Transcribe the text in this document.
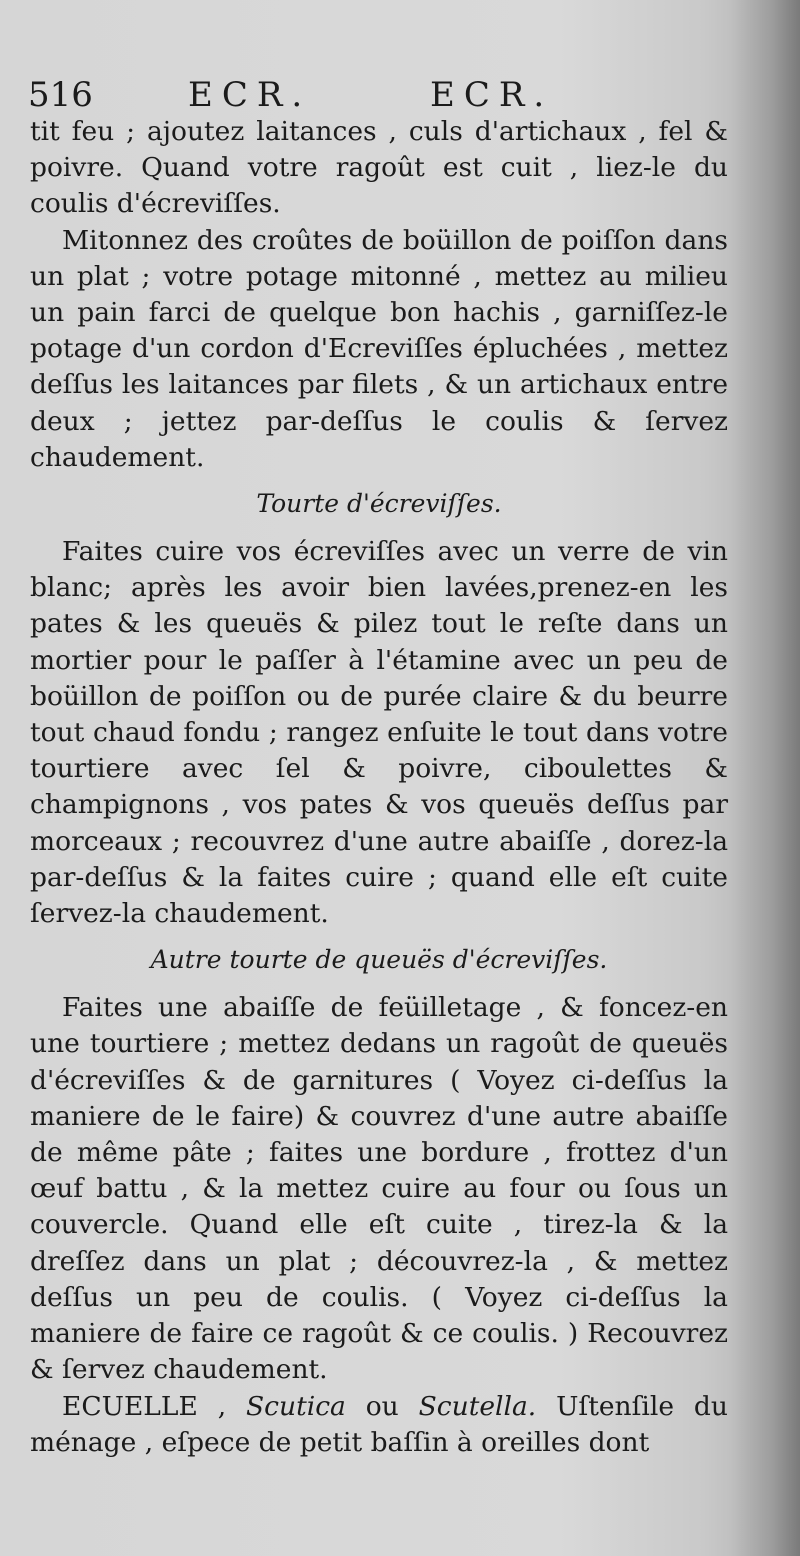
516	ECR.	ECR.

tit feu ; ajoutez laitances , culs d'artichaux , fel & poivre. Quand votre ragoût est cuit , liez-le du coulis d'écreviſſes.

Mitonnez des croûtes de boüillon de poiſſon dans un plat ; votre potage mitonné , mettez au milieu un pain farci de quelque bon hachis , garniſſez-le potage d'un cordon d'Ecreviſſes épluchées , mettez deſſus les laitances par filets , & un artichaux entre deux ; jettez par-deſſus le coulis & ſervez chaudement.

Tourte d'écreviſſes.

Faites cuire vos écreviſſes avec un verre de vin blanc; après les avoir bien lavées,prenez-en les pates & les queuës & pilez tout le reſte dans un mortier pour le paſſer à l'étamine avec un peu de boüillon de poiſſon ou de purée claire & du beurre tout chaud fondu ; rangez enſuite le tout dans votre tourtiere avec ſel & poivre, ciboulettes & champignons , vos pates & vos queuës deſſus par morceaux ; recouvrez d'une autre abaiſſe , dorez-la par-deſſus & la faites cuire ; quand elle eſt cuite ſervez-la chaudement.

Autre tourte de queuës d'écreviſſes.

Faites une abaiſſe de feüilletage , & foncez-en une tourtiere ; mettez dedans un ragoût de queuës d'écreviſſes & de garnitures ( Voyez ci-deſſus la maniere de le faire) & couvrez d'une autre abaiſſe de même pâte ; faites une bordure , frottez d'un œuf battu , & la mettez cuire au four ou ſous un couvercle. Quand elle eſt cuite , tirez-la & la dreſſez dans un plat ; découvrez-la , & mettez deſſus un peu de coulis. ( Voyez ci-deſſus la maniere de faire ce ragoût & ce coulis. ) Recouvrez & ſervez chaudement.

ECUELLE , Scutica ou Scutella. Uſtenſile du ménage , eſpece de petit baſſin à oreilles dont
